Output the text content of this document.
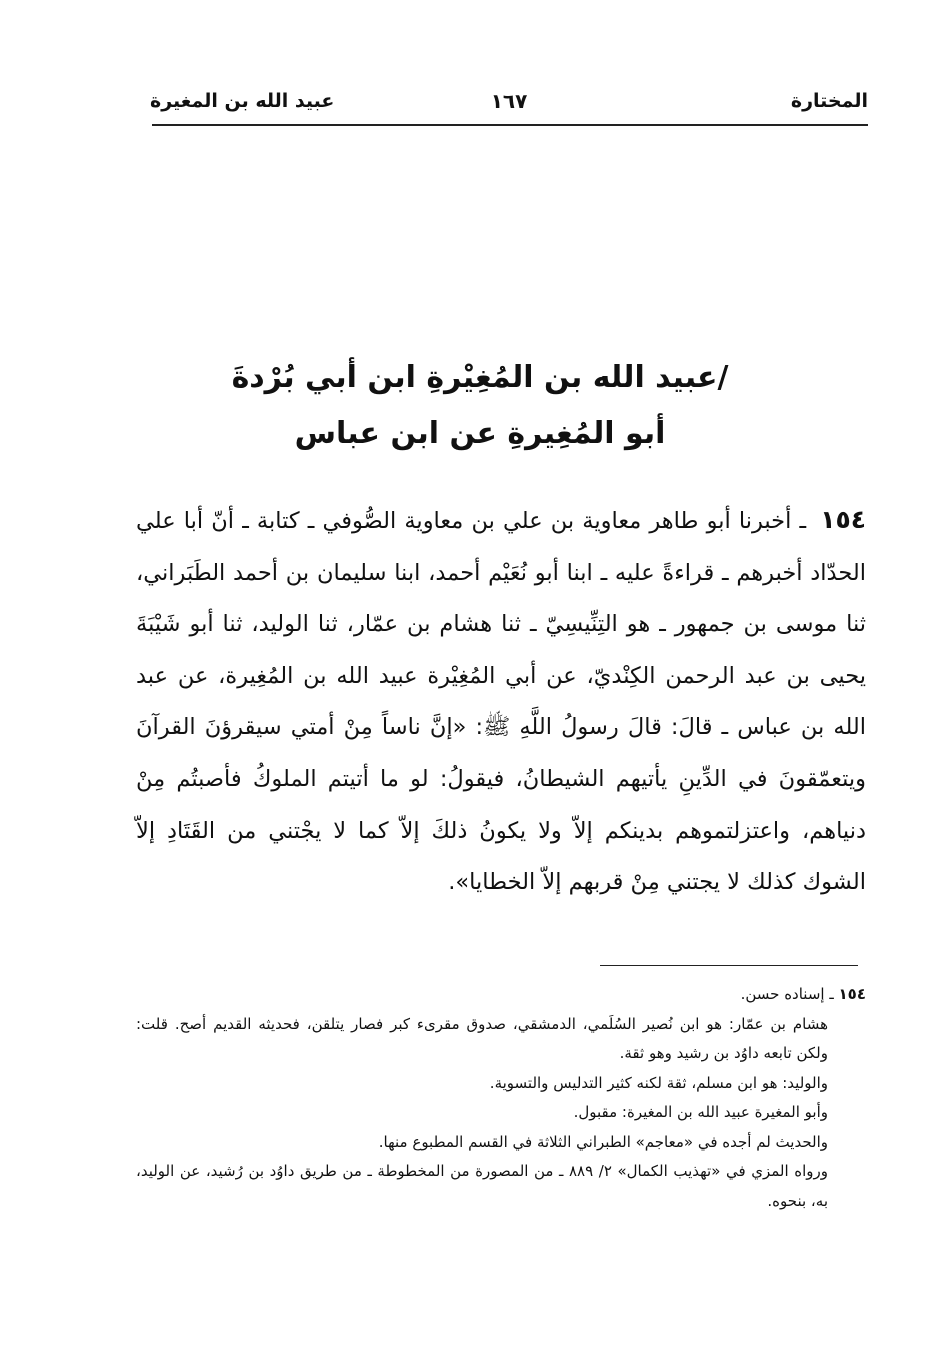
المختارة
١٦٧
عبيد الله بن المغيرة
/عبيد الله بن المُغِيْرةِ ابن أبي بُرْدةَ
أبو المُغِيرةِ عن ابن عباس
١٥٤ ـ أخبرنا أبو طاهر معاوية بن علي بن معاوية الصُّوفي ـ كتابة ـ أنّ أبا علي الحدّاد أخبرهم ـ قراءةً عليه ـ ابنا أبو نُعَيْم أحمد، ابنا سليمان بن أحمد الطَبَراني، ثنا موسى بن جمهور ـ هو التِنِّيسِيّ ـ ثنا هشام بن عمّار، ثنا الوليد، ثنا أبو شَيْبَةَ يحيى بن عبد الرحمن الكِنْديّ، عن أبي المُغِيْرة عبيد الله بن المُغِيرة، عن عبد الله بن عباس ـ قالَ: قالَ رسولُ اللَّهِ ﷺ: «إنَّ ناساً مِنْ أمتي سيقرؤنَ القرآنَ ويتعمّقونَ في الدِّينِ يأتيهم الشيطانُ، فيقولُ: لو ما أتيتم الملوكُ فأصبتُم مِنْ دنياهم، واعتزلتموهم بدينكم إلاّ ولا يكونُ ذلكَ إلاّ كما لا يجْتني من القَتَادِ إلاّ الشوك كذلك لا يجتني مِنْ قربهم إلاّ الخطايا».
١٥٤ ـ إسناده حسن.
هشام بن عمّار: هو ابن نُصير السُلَمي، الدمشقي، صدوق مقرىء كبر فصار يتلقن، فحديثه القديم أصح. قلت: ولكن تابعه داوُد بن رشيد وهو ثقة.
والوليد: هو ابن مسلم، ثقة لكنه كثير التدليس والتسوية.
وأبو المغيرة عبيد الله بن المغيرة: مقبول.
والحديث لم أجده في «معاجم» الطبراني الثلاثة في القسم المطبوع منها.
ورواه المزي في «تهذيب الكمال» ٢/ ٨٨٩ ـ من المصورة من المخطوطة ـ من طريق داوُد بن رُشيد، عن الوليد، به، بنحوه.
